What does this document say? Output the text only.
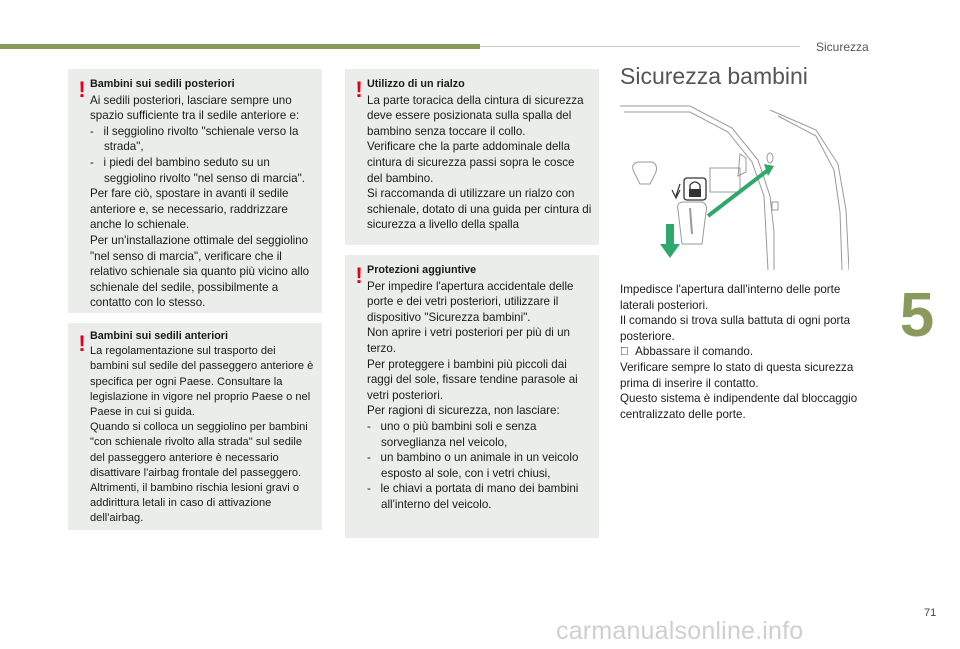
Sicurezza
5
! Bambini sui sedili posteriori

Ai sedili posteriori, lasciare sempre uno spazio sufficiente tra il sedile anteriore e:

-   il seggiolino rivolto "schienale verso la strada",

-   i piedi del bambino seduto su un seggiolino rivolto "nel senso di marcia".

Per fare ciò, spostare in avanti il sedile anteriore e, se necessario, raddrizzare anche lo schienale.

Per un'installazione ottimale del seggiolino "nel senso di marcia", verificare che il relativo schienale sia quanto più vicino allo schienale del sedile, possibilmente a contatto con lo stesso.

! Bambini sui sedili anteriori

La regolamentazione sul trasporto dei bambini sul sedile del passeggero anteriore è specifica per ogni Paese. Consultare la legislazione in vigore nel proprio Paese o nel Paese in cui si guida.

Quando si colloca un seggiolino per bambini "con schienale rivolto alla strada" sul sedile del passeggero anteriore è necessario disattivare l'airbag frontale del passeggero. Altrimenti, il bambino rischia lesioni gravi o addirittura letali in caso di attivazione dell'airbag.

! Utilizzo di un rialzo

La parte toracica della cintura di sicurezza deve essere posizionata sulla spalla del bambino senza toccare il collo.

Verificare che la parte addominale della cintura di sicurezza passi sopra le cosce del bambino.

Si raccomanda di utilizzare un rialzo con schienale, dotato di una guida per cintura di sicurezza a livello della spalla

! Protezioni aggiuntive

Per impedire l'apertura accidentale delle porte e dei vetri posteriori, utilizzare il dispositivo "Sicurezza bambini".

Non aprire i vetri posteriori per più di un terzo.

Per proteggere i bambini più piccoli dai raggi del sole, fissare tendine parasole ai vetri posteriori.

Per ragioni di sicurezza, non lasciare:

-   uno o più bambini soli e senza sorveglianza nel veicolo,

-   un bambino o un animale in un veicolo esposto al sole, con i vetri chiusi,

-   le chiavi a portata di mano dei bambini all'interno del veicolo.

Sicurezza bambini

Impedisce l'apertura dall'interno delle porte laterali posteriori.

Il comando si trova sulla battuta di ogni porta posteriore.

Abbassare il comando.

Verificare sempre lo stato di questa sicurezza prima di inserire il contatto.

Questo sistema è indipendente dal bloccaggio centralizzato delle porte.

71
carmanualsonline.info
